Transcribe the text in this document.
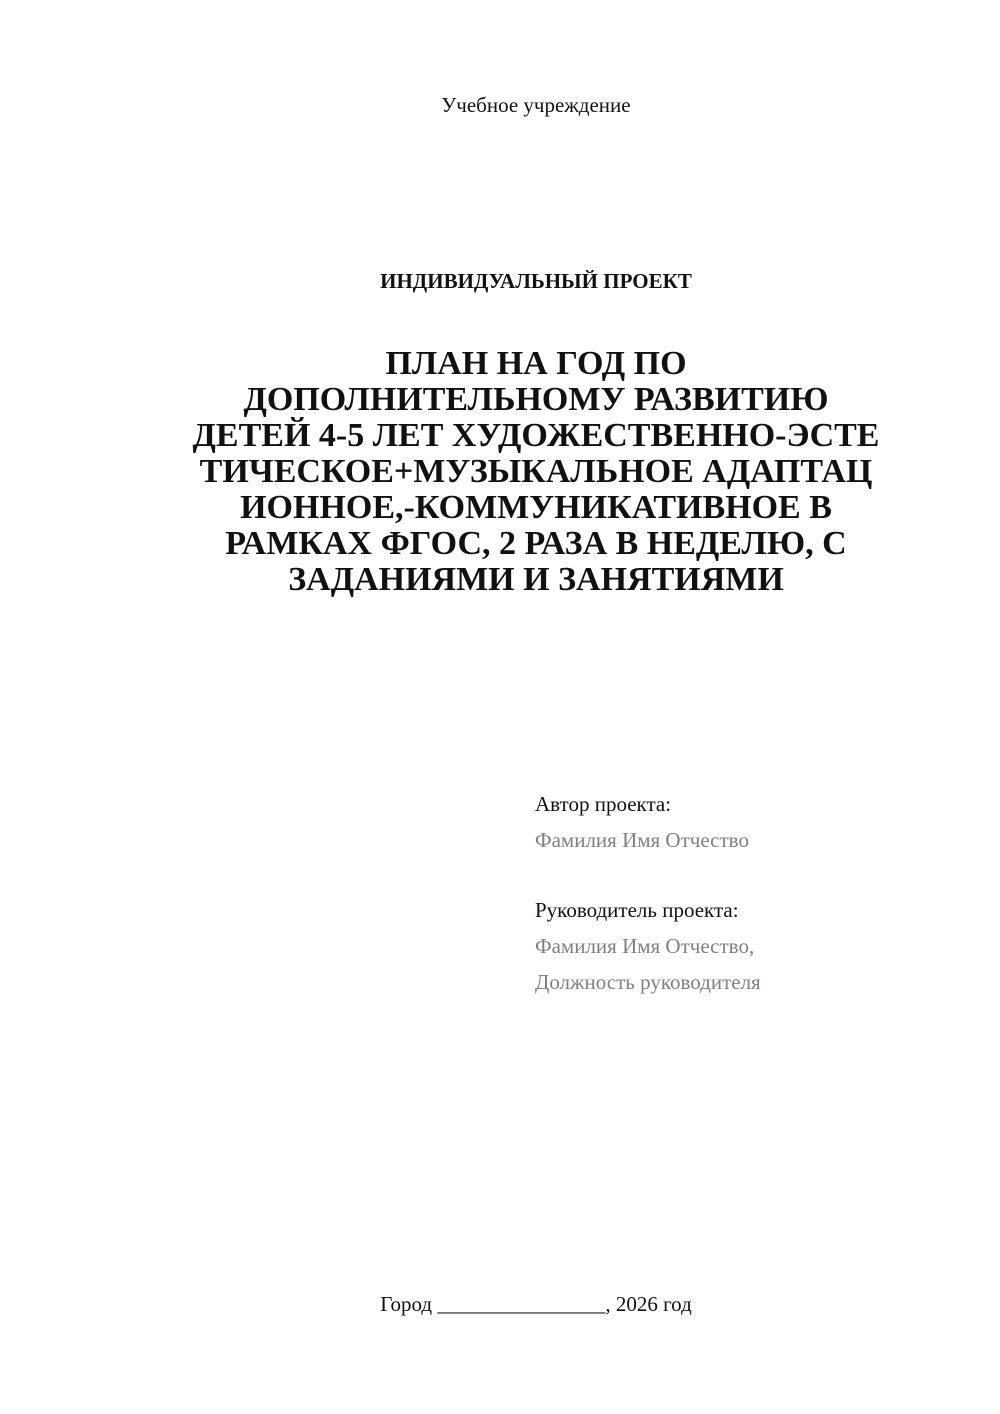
Учебное учреждение
ИНДИВИДУАЛЬНЫЙ ПРОЕКТ
ПЛАН НА ГОД ПО
ДОПОЛНИТЕЛЬНОМУ РАЗВИТИЮ
ДЕТЕЙ 4-5 ЛЕТ ХУДОЖЕСТВЕННО-ЭСТЕ
ТИЧЕСКОЕ+МУЗЫКАЛЬНОЕ АДАПТАЦ
ИОННОЕ,-КОММУНИКАТИВНОЕ В
РАМКАХ ФГОС, 2 РАЗА В НЕДЕЛЮ, С
ЗАДАНИЯМИ И ЗАНЯТИЯМИ
Автор проекта:
Фамилия Имя Отчество
Руководитель проекта:
Фамилия Имя Отчество,
Должность руководителя
Город ________________, 2026 год
